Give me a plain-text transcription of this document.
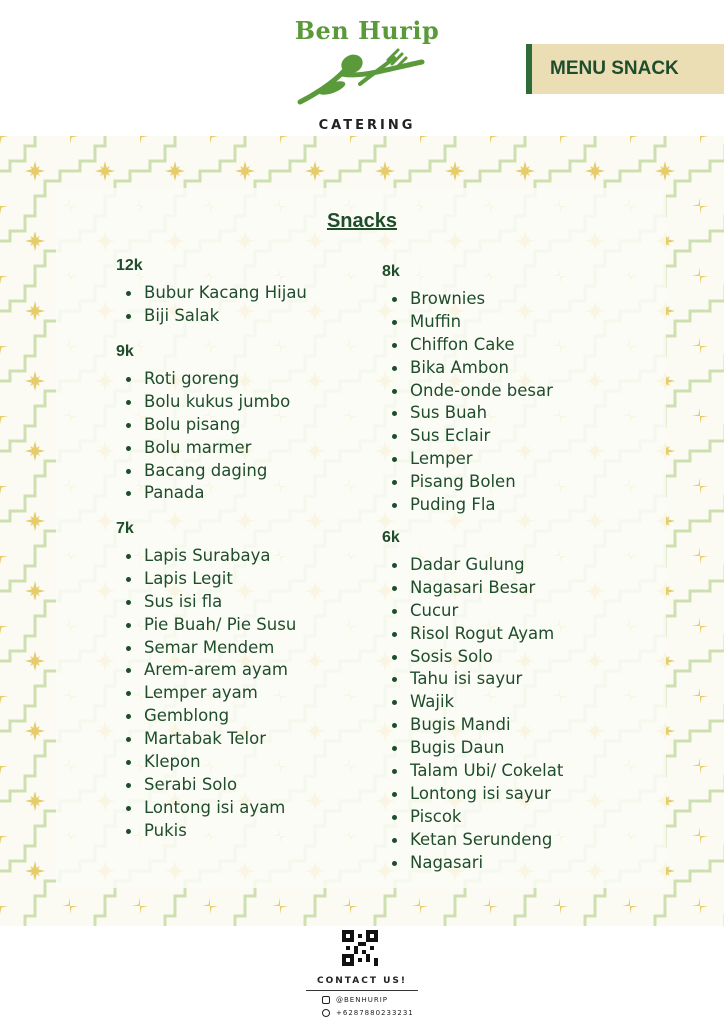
Ben Hurip
CATERING
MENU SNACK
Snacks
12k
Bubur Kacang Hijau
Biji Salak
9k
Roti goreng
Bolu kukus jumbo
Bolu pisang
Bolu marmer
Bacang daging
Panada
7k
Lapis Surabaya
Lapis Legit
Sus isi fla
Pie Buah/ Pie Susu
Semar Mendem
Arem-arem ayam
Lemper ayam
Gemblong
Martabak Telor
Klepon
Serabi Solo
Lontong isi ayam
Pukis
8k
Brownies
Muffin
Chiffon Cake
Bika Ambon
Onde-onde besar
Sus Buah
Sus Eclair
Lemper
Pisang Bolen
Puding Fla
6k
Dadar Gulung
Nagasari Besar
Cucur
Risol Rogut Ayam
Sosis Solo
Tahu isi sayur
Wajik
Bugis Mandi
Bugis Daun
Talam Ubi/ Cokelat
Lontong isi sayur
Piscok
Ketan Serundeng
Nagasari
CONTACT US!
@BENHURIP
+6287880233231
